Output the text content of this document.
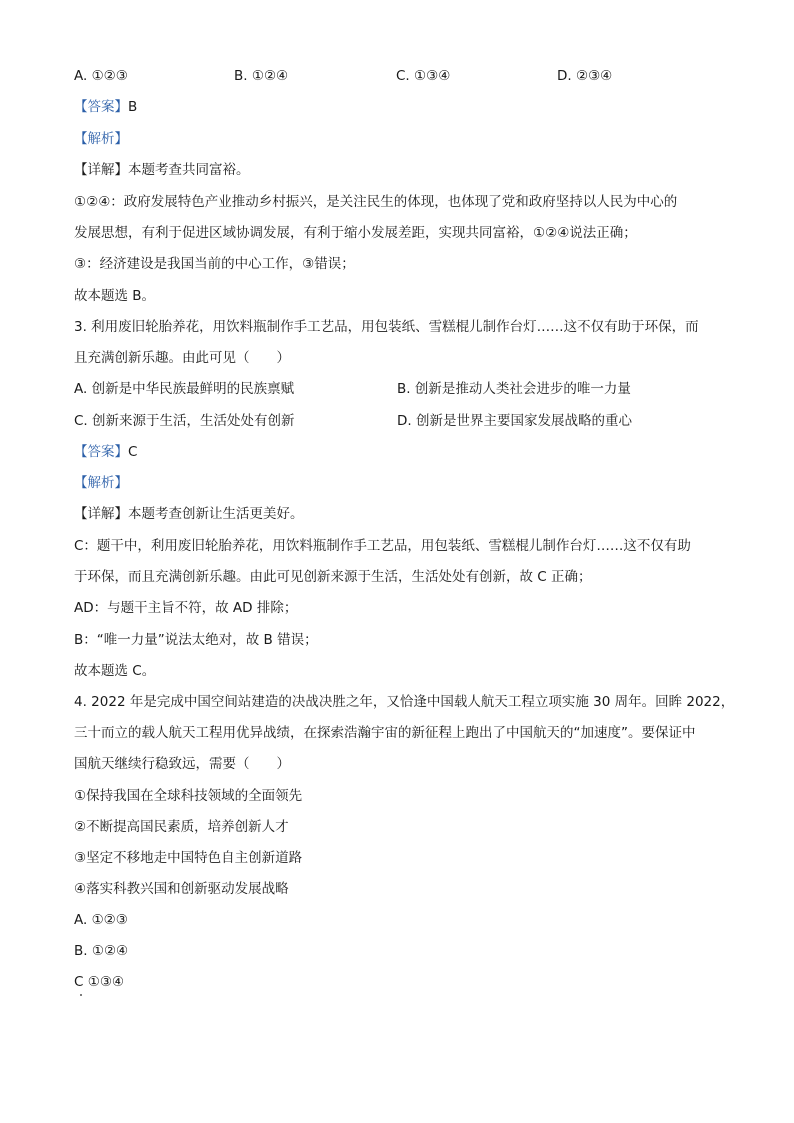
A. ①②③	B. ①②④	C. ①③④	D. ②③④
【答案】B
【解析】
【详解】本题考查共同富裕。
①②④：政府发展特色产业推动乡村振兴，是关注民生的体现，也体现了党和政府坚持以人民为中心的
发展思想，有利于促进区域协调发展，有利于缩小发展差距，实现共同富裕，①②④说法正确；
③：经济建设是我国当前的中心工作，③错误；
故本题选 B。
3. 利用废旧轮胎养花，用饮料瓶制作手工艺品，用包装纸、雪糕棍儿制作台灯……这不仅有助于环保，而
且充满创新乐趣。由此可见（　　）
A. 创新是中华民族最鲜明的民族禀赋	B. 创新是推动人类社会进步的唯一力量
C. 创新来源于生活，生活处处有创新	D. 创新是世界主要国家发展战略的重心
【答案】C
【解析】
【详解】本题考查创新让生活更美好。
C：题干中，利用废旧轮胎养花，用饮料瓶制作手工艺品，用包装纸、雪糕棍儿制作台灯……这不仅有助
于环保，而且充满创新乐趣。由此可见创新来源于生活，生活处处有创新，故 C 正确；
AD：与题干主旨不符，故 AD 排除；
B：“唯一力量”说法太绝对，故 B 错误；
故本题选 C。
4. 2022 年是完成中国空间站建造的决战决胜之年，又恰逢中国载人航天工程立项实施 30 周年。回眸 2022，
三十而立的载人航天工程用优异战绩，在探索浩瀚宇宙的新征程上跑出了中国航天的“加速度”。要保证中
国航天继续行稳致远，需要（　　）
①保持我国在全球科技领域的全面领先
②不断提高国民素质，培养创新人才
③坚定不移地走中国特色自主创新道路
④落实科教兴国和创新驱动发展战略
A. ①②③
B. ①②④
C ①③④
